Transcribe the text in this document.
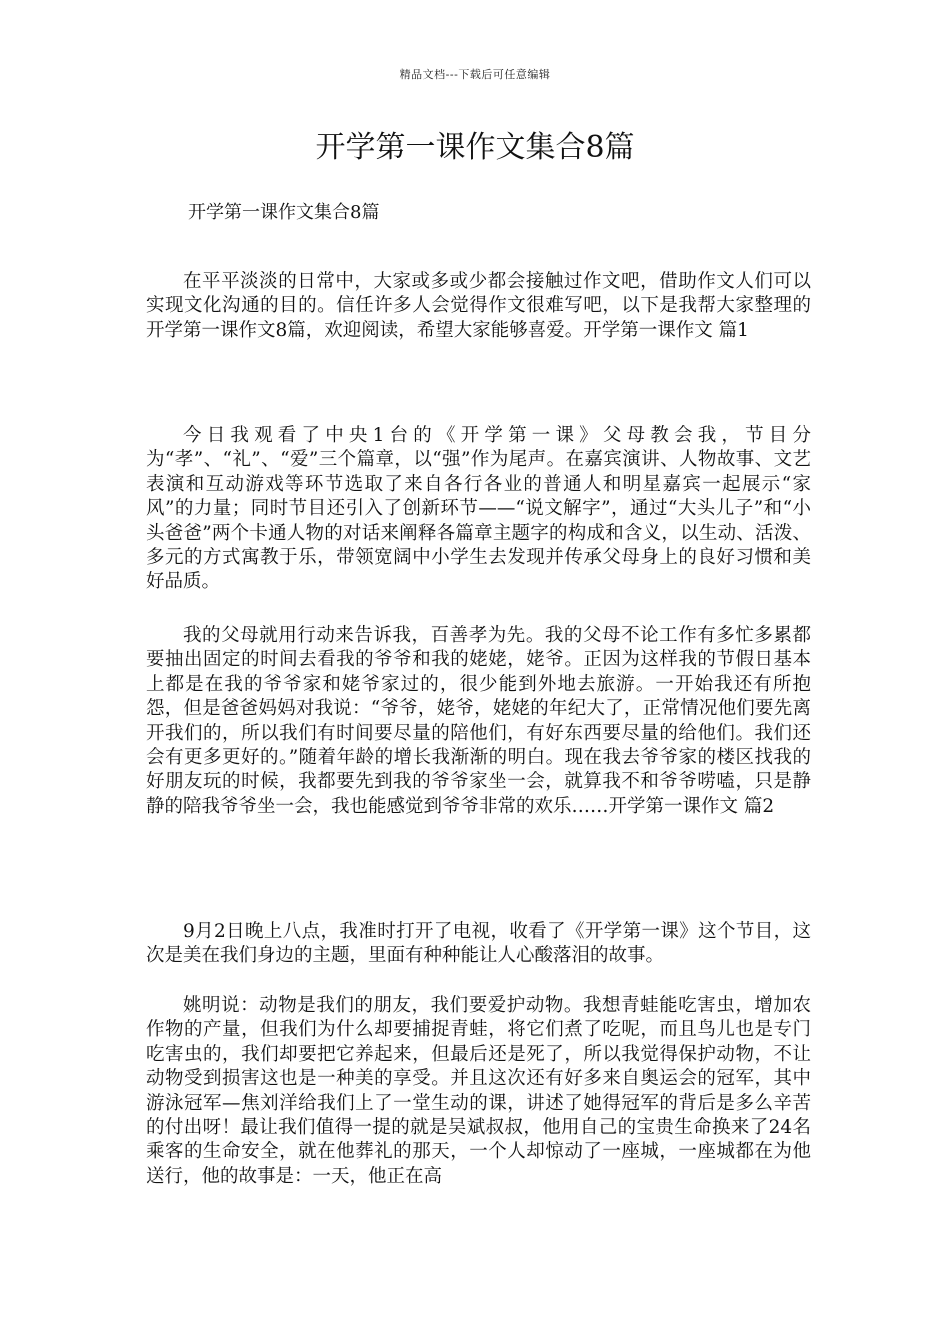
精品文档---下载后可任意编辑
开学第一课作文集合8篇
开学第一课作文集合8篇

在平平淡淡的日常中，大家或多或少都会接触过作文吧，借助作文人们可以实现文化沟通的目的。信任许多人会觉得作文很难写吧，以下是我帮大家整理的开学第一课作文8篇，欢迎阅读，希望大家能够喜爱。开学第一课作文 篇1

今日我观看了中央1台的《开学第一课》父母教会我，节目分为“孝”、“礼”、“爱”三个篇章，以“强”作为尾声。在嘉宾演讲、人物故事、文艺表演和互动游戏等环节选取了来自各行各业的普通人和明星嘉宾一起展示“家风”的力量；同时节目还引入了创新环节——“说文解字”，通过“大头儿子”和“小头爸爸”两个卡通人物的对话来阐释各篇章主题字的构成和含义，以生动、活泼、多元的方式寓教于乐，带领宽阔中小学生去发现并传承父母身上的良好习惯和美好品质。

我的父母就用行动来告诉我，百善孝为先。我的父母不论工作有多忙多累都要抽出固定的时间去看我的爷爷和我的姥姥，姥爷。正因为这样我的节假日基本上都是在我的爷爷家和姥爷家过的，很少能到外地去旅游。一开始我还有所抱怨，但是爸爸妈妈对我说：“爷爷，姥爷，姥姥的年纪大了，正常情况他们要先离开我们的，所以我们有时间要尽量的陪他们，有好东西要尽量的给他们。我们还会有更多更好的。”随着年龄的增长我渐渐的明白。现在我去爷爷家的楼区找我的好朋友玩的时候，我都要先到我的爷爷家坐一会，就算我不和爷爷唠嗑，只是静静的陪我爷爷坐一会，我也能感觉到爷爷非常的欢乐……开学第一课作文 篇2

9月2日晚上八点，我准时打开了电视，收看了《开学第一课》这个节目，这次是美在我们身边的主题，里面有种种能让人心酸落泪的故事。

姚明说：动物是我们的朋友，我们要爱护动物。我想青蛙能吃害虫，增加农作物的产量，但我们为什么却要捕捉青蛙，将它们煮了吃呢，而且鸟儿也是专门吃害虫的，我们却要把它养起来，但最后还是死了，所以我觉得保护动物，不让动物受到损害这也是一种美的享受。并且这次还有好多来自奥运会的冠军，其中游泳冠军—焦刘洋给我们上了一堂生动的课，讲述了她得冠军的背后是多么辛苦的付出呀！最让我们值得一提的就是吴斌叔叔，他用自己的宝贵生命换来了24名乘客的生命安全，就在他葬礼的那天，一个人却惊动了一座城，一座城都在为他送行，他的故事是：一天，他正在高
